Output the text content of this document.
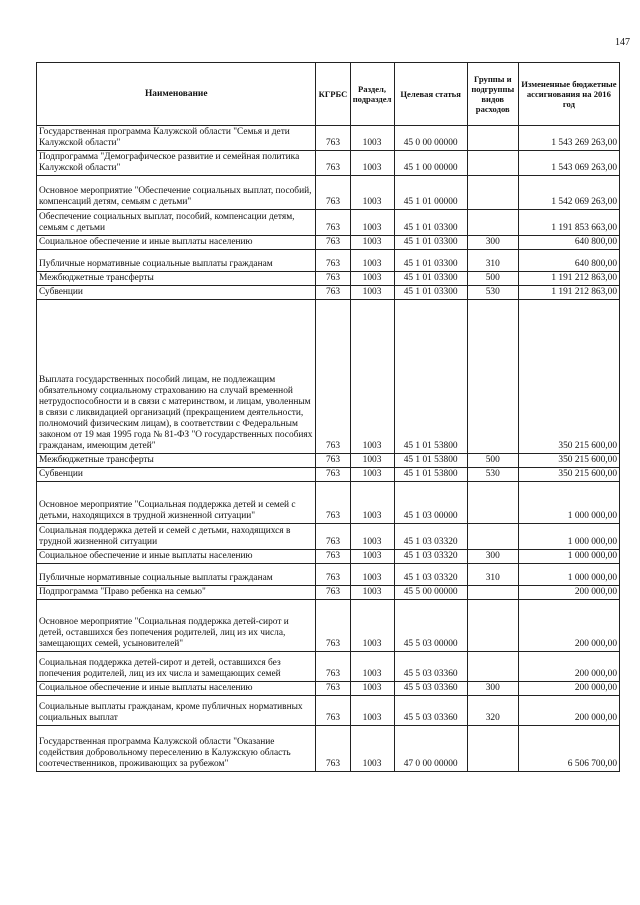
147
Наименование	КГРБС	Раздел, подраздел	Целевая статья	Группы и подгруппы видов расходов	Измененные бюджетные ассигнования на 2016 год
Государственная программа Калужской области "Семья и дети Калужской области"	763	1003	45 0 00 00000		1 543 269 263,00
Подпрограмма "Демографическое развитие и семейная политика Калужской области"	763	1003	45 1 00 00000		1 543 069 263,00
Основное мероприятие "Обеспечение социальных выплат, пособий, компенсаций детям, семьям с детьми"	763	1003	45 1 01 00000		1 542 069 263,00
Обеспечение социальных выплат, пособий, компенсации детям, семьям с детьми	763	1003	45 1 01 03300		1 191 853 663,00
Социальное обеспечение и иные выплаты населению	763	1003	45 1 01 03300	300	640 800,00
Публичные нормативные социальные выплаты гражданам	763	1003	45 1 01 03300	310	640 800,00
Межбюджетные трансферты	763	1003	45 1 01 03300	500	1 191 212 863,00
Субвенции	763	1003	45 1 01 03300	530	1 191 212 863,00
Выплата государственных пособий лицам, не подлежащим обязательному социальному страхованию на случай временной нетрудоспособности и в связи с материнством, и лицам, уволенным в связи с ликвидацией организаций (прекращением деятельности, полномочий физическим лицам), в соответствии с Федеральным законом от 19 мая 1995 года № 81-ФЗ "О государственных пособиях гражданам, имеющим детей"	763	1003	45 1 01 53800		350 215 600,00
Межбюджетные трансферты	763	1003	45 1 01 53800	500	350 215 600,00
Субвенции	763	1003	45 1 01 53800	530	350 215 600,00
Основное мероприятие "Социальная поддержка детей и семей с детьми, находящихся в трудной жизненной ситуации"	763	1003	45 1 03 00000		1 000 000,00
Социальная поддержка детей и семей с детьми, находящихся в трудной жизненной ситуации	763	1003	45 1 03 03320		1 000 000,00
Социальное обеспечение и иные выплаты населению	763	1003	45 1 03 03320	300	1 000 000,00
Публичные нормативные социальные выплаты гражданам	763	1003	45 1 03 03320	310	1 000 000,00
Подпрограмма "Право ребенка на семью"	763	1003	45 5 00 00000		200 000,00
Основное мероприятие "Социальная поддержка детей-сирот и детей, оставшихся без попечения родителей, лиц из их числа, замещающих семей, усыновителей"	763	1003	45 5 03 00000		200 000,00
Социальная поддержка детей-сирот и детей, оставшихся без попечения родителей, лиц из их числа и замещающих семей	763	1003	45 5 03 03360		200 000,00
Социальное обеспечение и иные выплаты населению	763	1003	45 5 03 03360	300	200 000,00
Социальные выплаты гражданам, кроме публичных нормативных социальных выплат	763	1003	45 5 03 03360	320	200 000,00
Государственная программа Калужской области "Оказание содействия добровольному переселению в Калужскую область соотечественников, проживающих за рубежом"	763	1003	47 0 00 00000		6 506 700,00
